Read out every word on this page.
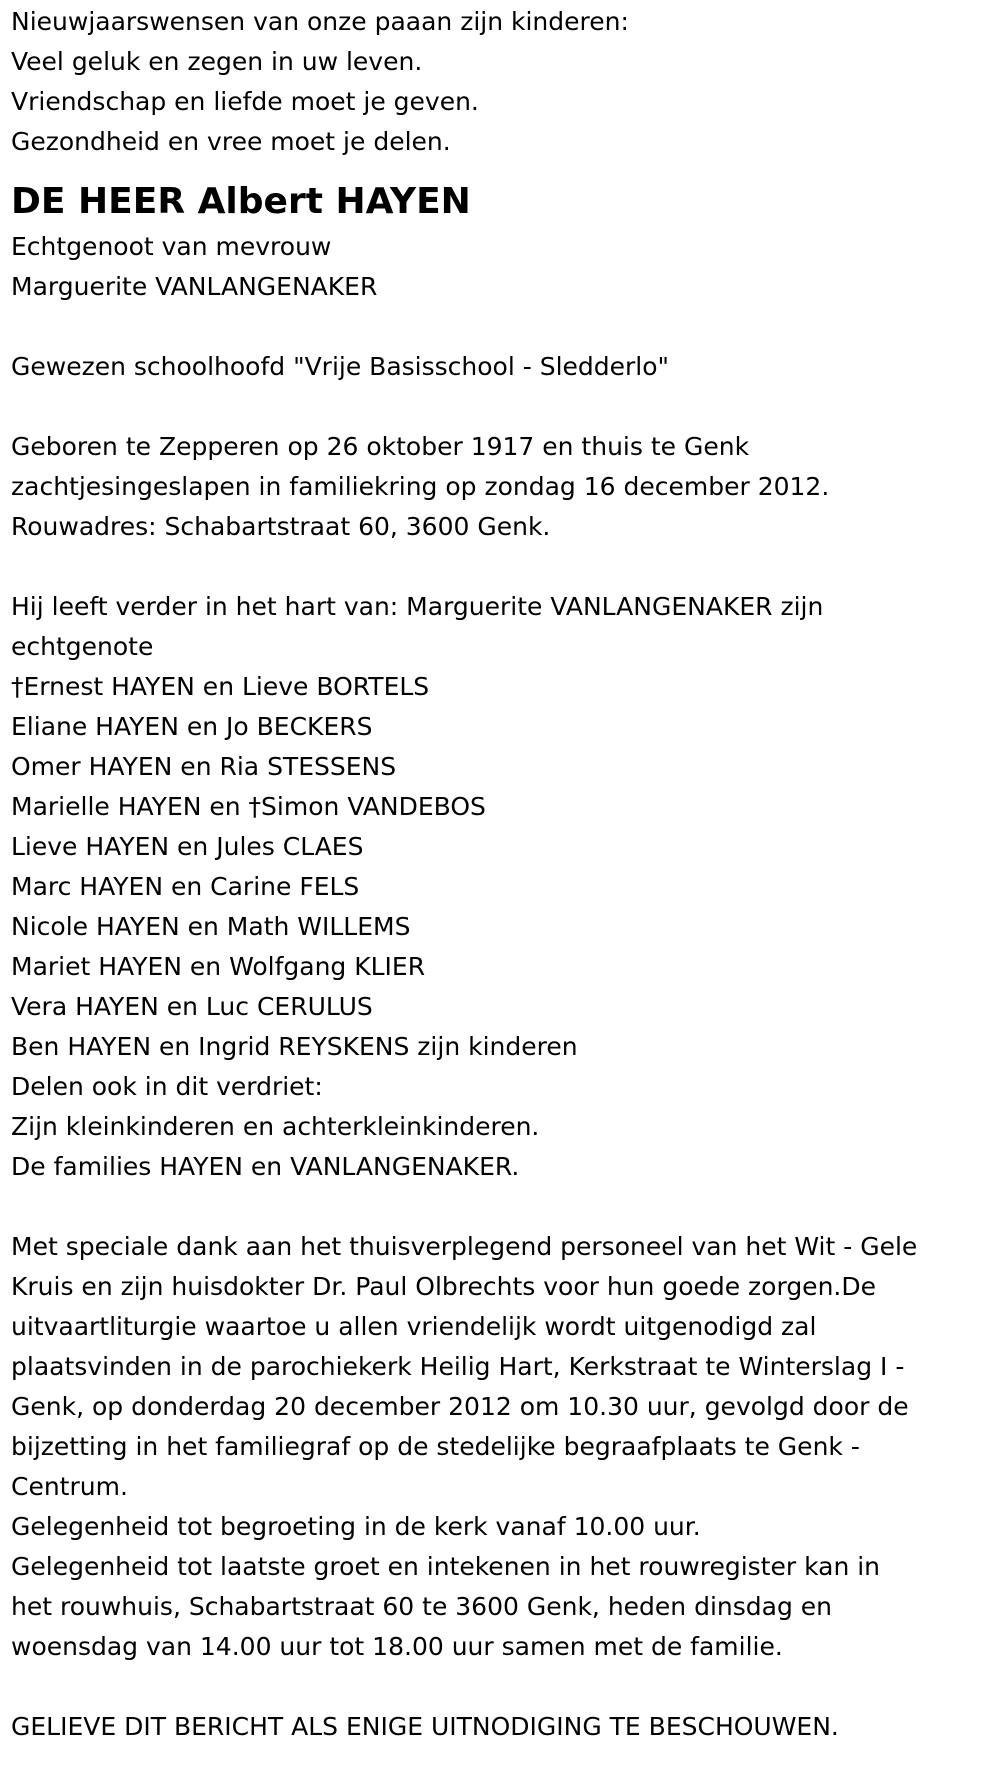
Nieuwjaarswensen van onze paaan zijn kinderen:

Veel geluk en zegen in uw leven.

Vriendschap en liefde moet je geven.

Gezondheid en vree moet je delen.

DE HEER Albert HAYEN

Echtgenoot van mevrouw

Marguerite VANLANGENAKER

Gewezen schoolhoofd "Vrije Basisschool - Sledderlo"

Geboren te Zepperen op 26 oktober 1917 en thuis te Genk

zachtjesingeslapen in familiekring op zondag 16 december 2012.

Rouwadres: Schabartstraat 60, 3600 Genk.

Hij leeft verder in het hart van: Marguerite VANLANGENAKER zijn

echtgenote

†Ernest HAYEN en Lieve BORTELS

Eliane HAYEN en Jo BECKERS

Omer HAYEN en Ria STESSENS

Marielle HAYEN en †Simon VANDEBOS

Lieve HAYEN en Jules CLAES

Marc HAYEN en Carine FELS

Nicole HAYEN en Math WILLEMS

Mariet HAYEN en Wolfgang KLIER

Vera HAYEN en Luc CERULUS

Ben HAYEN en Ingrid REYSKENS zijn kinderen

Delen ook in dit verdriet:

Zijn kleinkinderen en achterkleinkinderen.

De families HAYEN en VANLANGENAKER.

Met speciale dank aan het thuisverplegend personeel van het Wit - Gele

Kruis en zijn huisdokter Dr. Paul Olbrechts voor hun goede zorgen.De

uitvaartliturgie waartoe u allen vriendelijk wordt uitgenodigd zal

plaatsvinden in de parochiekerk Heilig Hart, Kerkstraat te Winterslag I -

Genk, op donderdag 20 december 2012 om 10.30 uur, gevolgd door de

bijzetting in het familiegraf op de stedelijke begraafplaats te Genk -

Centrum.

Gelegenheid tot begroeting in de kerk vanaf 10.00 uur.

Gelegenheid tot laatste groet en intekenen in het rouwregister kan in

het rouwhuis, Schabartstraat 60 te 3600 Genk, heden dinsdag en

woensdag van 14.00 uur tot 18.00 uur samen met de familie.

GELIEVE DIT BERICHT ALS ENIGE UITNODIGING TE BESCHOUWEN.
